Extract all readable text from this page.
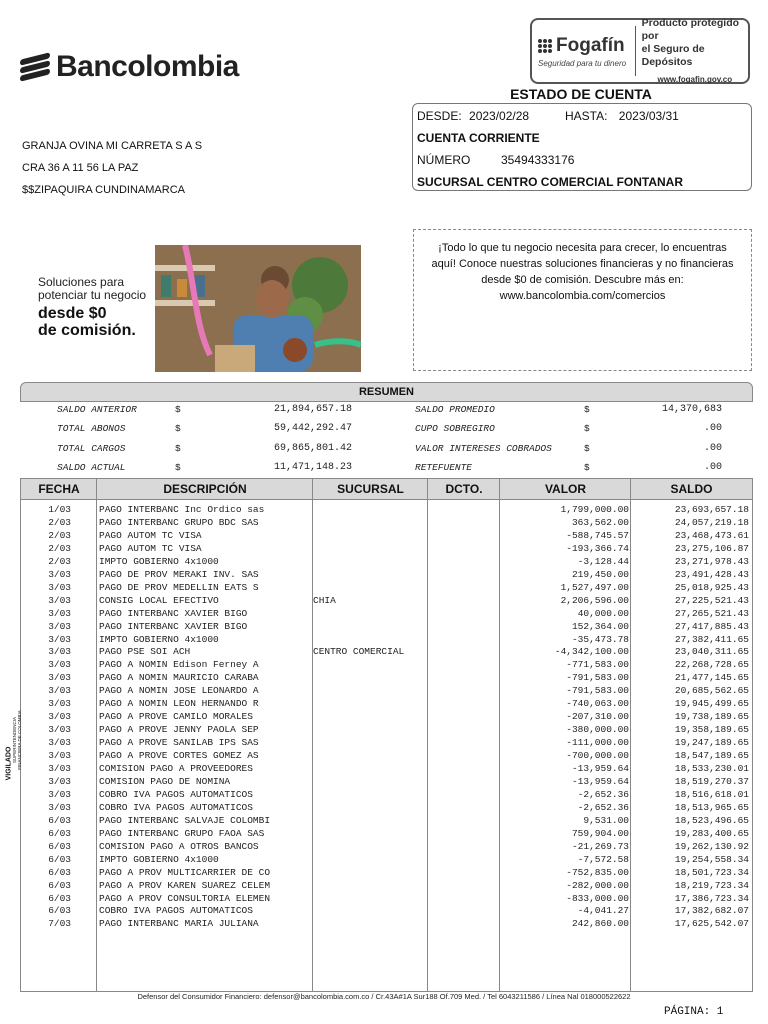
Bancolombia
Fogafín
Seguridad para tu dinero
Producto protegido por
el Seguro de Depósitos
www.fogafin.gov.co
ESTADO DE CUENTA
DESDE: 2023/02/28	HASTA: 2023/03/31
CUENTA CORRIENTE
NÚMERO	35494333176
SUCURSAL CENTRO COMERCIAL FONTANAR
GRANJA OVINA MI CARRETA S A S
CRA 36 A 11 56 LA PAZ
$$ZIPAQUIRA CUNDINAMARCA
Soluciones para
potenciar tu negocio
desde $0
de comisión.
¡Todo lo que tu negocio necesita para crecer, lo encuentras aquí! Conoce nuestras soluciones financieras y no financieras desde $0 de comisión. Descubre más en: www.bancolombia.com/comercios
RESUMEN
SALDO ANTERIOR	$	21,894,657.18
TOTAL ABONOS	$	59,442,292.47
TOTAL CARGOS	$	69,865,801.42
SALDO ACTUAL	$	11,471,148.23
SALDO PROMEDIO	$	14,370,683
CUPO SOBREGIRO	$	.00
VALOR INTERESES COBRADOS	$	.00
RETEFUENTE	$	.00
FECHA	DESCRIPCIÓN	SUCURSAL	DCTO.	VALOR	SALDO
1/03	PAGO INTERBANC Inc Ordico sas	1,799,000.00	23,693,657.18
2/03	PAGO INTERBANC GRUPO BDC SAS	363,562.00	24,057,219.18
2/03	PAGO AUTOM TC VISA	-588,745.57	23,468,473.61
2/03	PAGO AUTOM TC VISA	-193,366.74	23,275,106.87
2/03	IMPTO GOBIERNO 4x1000	-3,128.44	23,271,978.43
3/03	PAGO DE PROV MERAKI INV. SAS	219,450.00	23,491,428.43
3/03	PAGO DE PROV MEDELLIN EATS S	1,527,497.00	25,018,925.43
3/03	CONSIG LOCAL EFECTIVO	CHIA	2,206,596.00	27,225,521.43
3/03	PAGO INTERBANC XAVIER BIGO	40,000.00	27,265,521.43
3/03	PAGO INTERBANC XAVIER BIGO	152,364.00	27,417,885.43
3/03	IMPTO GOBIERNO 4x1000	-35,473.78	27,382,411.65
3/03	PAGO PSE SOI ACH	CENTRO COMERCIAL	-4,342,100.00	23,040,311.65
3/03	PAGO A NOMIN Edison Ferney A	-771,583.00	22,268,728.65
3/03	PAGO A NOMIN MAURICIO CARABA	-791,583.00	21,477,145.65
3/03	PAGO A NOMIN JOSE LEONARDO A	-791,583.00	20,685,562.65
3/03	PAGO A NOMIN LEON HERNANDO R	-740,063.00	19,945,499.65
3/03	PAGO A PROVE CAMILO MORALES	-207,310.00	19,738,189.65
3/03	PAGO A PROVE JENNY PAOLA SEP	-380,000.00	19,358,189.65
3/03	PAGO A PROVE SANILAB IPS SAS	-111,000.00	19,247,189.65
3/03	PAGO A PROVE CORTES GOMEZ AS	-700,000.00	18,547,189.65
3/03	COMISION PAGO A PROVEEDORES	-13,959.64	18,533,230.01
3/03	COMISION PAGO DE NOMINA	-13,959.64	18,519,270.37
3/03	COBRO IVA PAGOS AUTOMATICOS	-2,652.36	18,516,618.01
3/03	COBRO IVA PAGOS AUTOMATICOS	-2,652.36	18,513,965.65
6/03	PAGO INTERBANC SALVAJE COLOMBI	9,531.00	18,523,496.65
6/03	PAGO INTERBANC GRUPO FAOA SAS	759,904.00	19,283,400.65
6/03	COMISION PAGO A OTROS BANCOS	-21,269.73	19,262,130.92
6/03	IMPTO GOBIERNO 4x1000	-7,572.58	19,254,558.34
6/03	PAGO A PROV MULTICARRIER DE CO	-752,835.00	18,501,723.34
6/03	PAGO A PROV KAREN SUAREZ CELEM	-282,000.00	18,219,723.34
6/03	PAGO A PROV CONSULTORIA ELEMEN	-833,000.00	17,386,723.34
6/03	COBRO IVA PAGOS AUTOMATICOS	-4,041.27	17,382,682.07
7/03	PAGO INTERBANC MARIA JULIANA	242,860.00	17,625,542.07
VIGILADO
SUPERINTENDENCIA FINANCIERA DE COLOMBIA
Defensor del Consumidor Financiero: defensor@bancolombia.com.co / Cr.43A#1A Sur188 Of.709 Med. / Tel 6043211586 / Línea Nal 018000522622
PÁGINA: 1
